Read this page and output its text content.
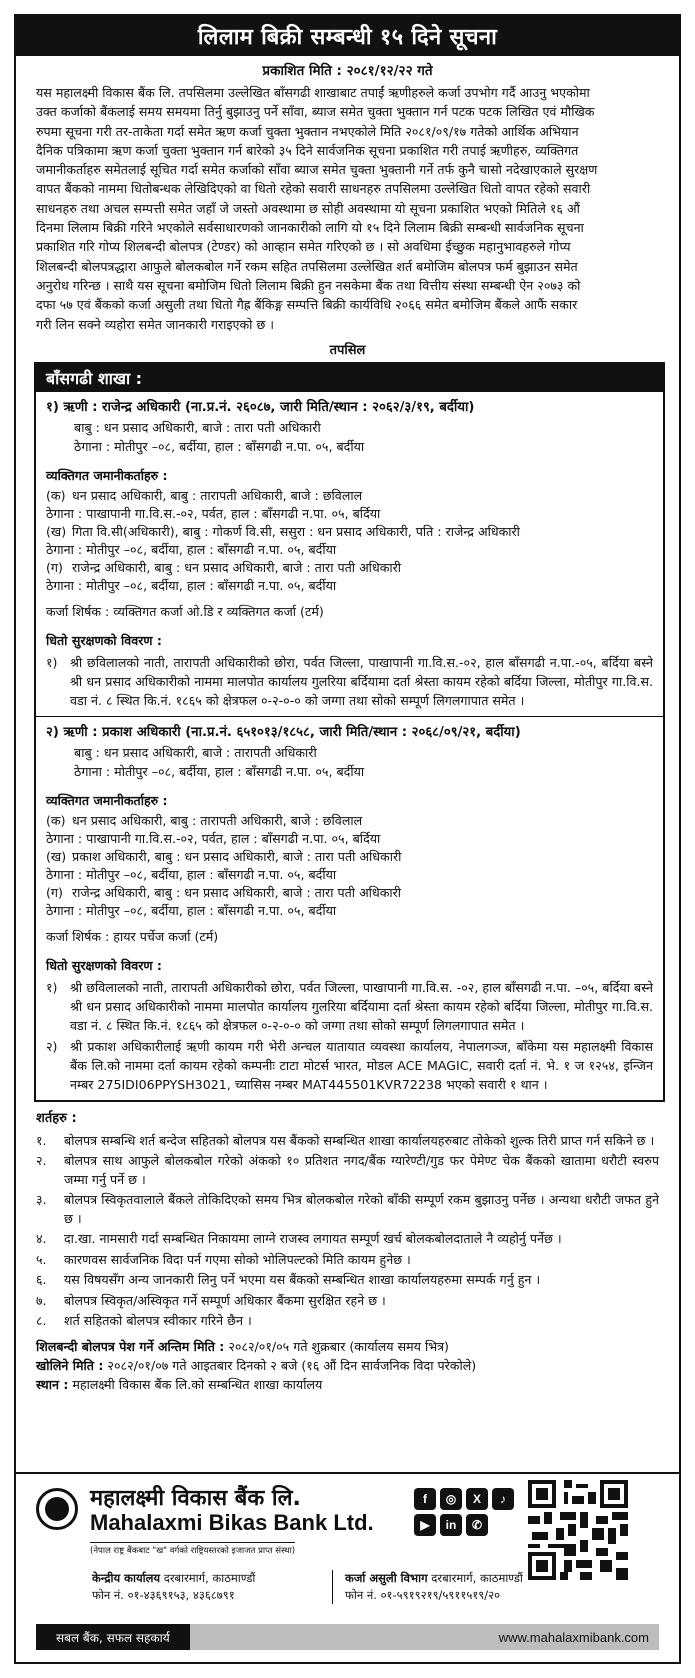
लिलाम बिक्री सम्बन्धी १५ दिने सूचना
प्रकाशित मिति : २०८१/१२/२२ गते
यस महालक्ष्मी विकास बैंक लि. तपसिलमा उल्लेखित बाँसगढी शाखाबाट तपाईं ऋणीहरुले कर्जा उपभोग गर्दै आउनु भएकोमा
उक्त कर्जाको बैंकलाई समय समयमा तिर्नु बुझाउनु पर्ने साँवा, ब्याज समेत चुक्ता भुक्तान गर्न पटक पटक लिखित एवं मौखिक
रुपमा सूचना गरी तर-ताकेता गर्दा समेत ऋण कर्जा चुक्ता भुक्तान नभएकोले मिति २०८१/०९/१७ गतेको आर्थिक अभियान
दैनिक पत्रिकामा ऋण कर्जा चुक्ता भुक्तान गर्न बारेको ३५ दिने सार्वजनिक सूचना प्रकाशित गरी तपाई ऋणीहरु, व्यक्तिगत
जमानीकर्ताहरु समेतलाई सूचित गर्दा समेत कर्जाको साँवा ब्याज समेत चुक्ता भुक्तानी गर्ने तर्फ कुनै चासो नदेखाएकाले सुरक्षण
वापत बैंकको नाममा धितोबन्धक लेखिदिएको वा धितो रहेको सवारी साधनहरु तपसिलमा उल्लेखित धितो वापत रहेको सवारी
साधनहरु तथा अचल सम्पत्ती समेत जहाँ जे जस्तो अवस्थामा छ सोही अवस्थामा यो सूचना प्रकाशित भएको मितिले १६ औं
दिनमा लिलाम बिक्री गरिने भएकोले सर्वसाधारणको जानकारीको लागि यो १५ दिने लिलाम बिक्री सम्बन्धी सार्वजनिक सूचना
प्रकाशित गरि गोप्य शिलबन्दी बोलपत्र (टेण्डर) को आव्हान समेत गरिएको छ । सो अवधिमा ईच्छुक महानुभावहरुले गोप्य
शिलबन्दी बोलपत्रद्धारा आफुले बोलकबोल गर्ने रकम सहित तपसिलमा उल्लेखित शर्त बमोजिम बोलपत्र फर्म बुझाउन समेत
अनुरोध गरिन्छ । साथै यस सूचना बमोजिम धितो लिलाम बिक्री हुन नसकेमा बैंक तथा वित्तीय संस्था सम्बन्धी ऐन २०७३ को
दफा ५७ एवं बैंकको कर्जा असुली तथा धितो गैह्र बैंकिङ्ग सम्पत्ति बिक्री कार्यविधि २०६६ समेत बमोजिम बैंकले आफैं सकार
गरी लिन सक्ने व्यहोरा समेत जानकारी गराइएको छ ।
तपसिल
बाँसगढी शाखा :
१) ऋणी : राजेन्द्र अधिकारी (ना.प्र.नं. २६०८७, जारी मिति/स्थान : २०६२/३/१९, बर्दीया)
बाबु : धन प्रसाद अधिकारी, बाजे : तारा पती अधिकारी
ठेगाना : मोतीपुर –०८, बर्दीया, हाल : बाँसगढी न.पा. ०५, बर्दीया
व्यक्तिगत जमानीकर्ताहरु :
(क) धन प्रसाद अधिकारी, बाबु : तारापती अधिकारी, बाजे : छविलाल
ठेगाना : पाखापानी गा.वि.स.-०२, पर्वत, हाल : बाँसगढी न.पा. ०५, बर्दिया
(ख) गिता वि.सी(अधिकारी), बाबु : गोकर्ण वि.सी, ससुरा : धन प्रसाद अधिकारी, पति : राजेन्द्र अधिकारी
ठेगाना : मोतीपुर –०८, बर्दीया, हाल : बाँसगढी न.पा. ०५, बर्दीया
(ग) राजेन्द्र अधिकारी, बाबु : धन प्रसाद अधिकारी, बाजे : तारा पती अधिकारी
ठेगाना : मोतीपुर –०८, बर्दीया, हाल : बाँसगढी न.पा. ०५, बर्दीया
कर्जा शिर्षक : व्यक्तिगत कर्जा ओ.डि र व्यक्तिगत कर्जा (टर्म)
धितो सुरक्षणको विवरण :
१) श्री छविलालको नाती, तारापती अधिकारीको छोरा, पर्वत जिल्ला, पाखापानी गा.वि.स.-०२, हाल बाँसगढी न.पा.-०५, बर्दिया बस्ने श्री धन प्रसाद अधिकारीको नाममा मालपोत कार्यालय गुलरिया बर्दियामा दर्ता श्रेस्ता कायम रहेको बर्दिया जिल्ला, मोतीपुर गा.वि.स. वडा नं. ८ स्थित कि.नं. १८६५ को क्षेत्रफल ०-२-०-० को जग्गा तथा सोको सम्पूर्ण लिगलगापात समेत ।
२) ऋणी : प्रकाश अधिकारी (ना.प्र.नं. ६५१०१३/१८५८, जारी मिति/स्थान : २०६८/०९/२१, बर्दीया)
बाबु : धन प्रसाद अधिकारी, बाजे : तारापती अधिकारी
ठेगाना : मोतीपुर –०८, बर्दीया, हाल : बाँसगढी न.पा. ०५, बर्दीया
व्यक्तिगत जमानीकर्ताहरु :
(क) धन प्रसाद अधिकारी, बाबु : तारापती अधिकारी, बाजे : छविलाल
ठेगाना : पाखापानी गा.वि.स.-०२, पर्वत, हाल : बाँसगढी न.पा. ०५, बर्दिया
(ख) प्रकाश अधिकारी, बाबु : धन प्रसाद अधिकारी, बाजे : तारा पती अधिकारी
ठेगाना : मोतीपुर –०८, बर्दीया, हाल : बाँसगढी न.पा. ०५, बर्दीया
(ग) राजेन्द्र अधिकारी, बाबु : धन प्रसाद अधिकारी, बाजे : तारा पती अधिकारी
ठेगाना : मोतीपुर –०८, बर्दीया, हाल : बाँसगढी न.पा. ०५, बर्दीया
कर्जा शिर्षक : हायर पर्चेज कर्जा (टर्म)
धितो सुरक्षणको विवरण :
१) श्री छविलालको नाती, तारापती अधिकारीको छोरा, पर्वत जिल्ला, पाखापानी गा.वि.स. -०२, हाल बाँसगढी न.पा. –०५, बर्दिया बस्ने श्री धन प्रसाद अधिकारीको नाममा मालपोत कार्यालय गुलरिया बर्दियामा दर्ता श्रेस्ता कायम रहेको बर्दिया जिल्ला, मोतीपुर गा.वि.स. वडा नं. ८ स्थित कि.नं. १८६५ को क्षेत्रफल ०-२-०-० को जग्गा तथा सोको सम्पूर्ण लिगलगापात समेत ।
२) श्री प्रकाश अधिकारीलाई ऋणी कायम गरी भेरी अन्चल यातायात व्यवस्था कार्यालय, नेपालगञ्ज, बाँकेमा यस महालक्ष्मी विकास बैंक लि.को नाममा दर्ता कायम रहेको कम्पनीः टाटा मोटर्स भारत, मोडल ACE MAGIC, सवारी दर्ता नं. भे. १ ज १२५४, इन्जिन नम्बर 275IDI06PPYSH3021, च्यासिस नम्बर MAT445501KVR72238 भएको सवारी १ थान ।
शर्तहरु :
१.	बोलपत्र सम्बन्धि शर्त बन्देज सहितको बोलपत्र यस बैंकको सम्बन्धित शाखा कार्यालयहरुबाट तोकेको शुल्क तिरी प्राप्त गर्न सकिने छ ।
२.	बोलपत्र साथ आफुले बोलकबोल गरेको अंकको १० प्रतिशत नगद/बैंक ग्यारेण्टी/गुड फर पेमेण्ट चेक बैंकको खातामा धरौटी स्वरुप जम्मा गर्नु पर्ने छ ।
३.	बोलपत्र स्विकृतवालाले बैंकले तोकिदिएको समय भित्र बोलकबोल गरेको बाँकी सम्पूर्ण रकम बुझाउनु पर्नेछ । अन्यथा धरौटी जफत हुने छ ।
४.	दा.खा. नामसारी गर्दा सम्बन्धित निकायमा लाग्ने राजस्व लगायत सम्पूर्ण खर्च बोलकबोलदाताले नै व्यहोर्नु पर्नेछ ।
५.	कारणवस सार्वजनिक विदा पर्न गएमा सोको भोलिपल्टको मिति कायम हुनेछ ।
६.	यस विषयसँग अन्य जानकारी लिनु पर्ने भएमा यस बैंकको सम्बन्धित शाखा कार्यालयहरुमा सम्पर्क गर्नु हुन ।
७.	बोलपत्र स्विकृत/अस्विकृत गर्ने सम्पूर्ण अधिकार बैंकमा सुरक्षित रहने छ ।
८.	शर्त सहितको बोलपत्र स्वीकार गरिने छैन ।
शिलबन्दी बोलपत्र पेश गर्ने अन्तिम मिति : २०८२/०१/०५ गते शुक्रबार (कार्यालय समय भित्र)
खोलिने मिति : २०८२/०१/०७ गते आइतबार दिनको २ बजे (१६ औं दिन सार्वजनिक विदा परेकोले)
स्थान : महालक्ष्मी विकास बैंक लि.को सम्बन्धित शाखा कार्यालय
महालक्ष्मी विकास बैंक लि.
Mahalaxmi Bikas Bank Ltd.
(नेपाल राष्ट्र बैंकबाट "ख" वर्गको राष्ट्रियस्तरको इजाजत प्राप्त संस्था)
f	◎	X	♪
▶	in	✆
केन्द्रीय कार्यालय दरबारमार्ग, काठमाण्डौं
फोन नं. ०१-४३६९१५३, ४३६८७९१
कर्जा असुली विभाग दरबारमार्ग, काठमाण्डौं
फोन नं. ०१-५९१९२१९/५९११५१९/२०
सबल बैंक, सफल सहकार्य	www.mahalaxmibank.com
